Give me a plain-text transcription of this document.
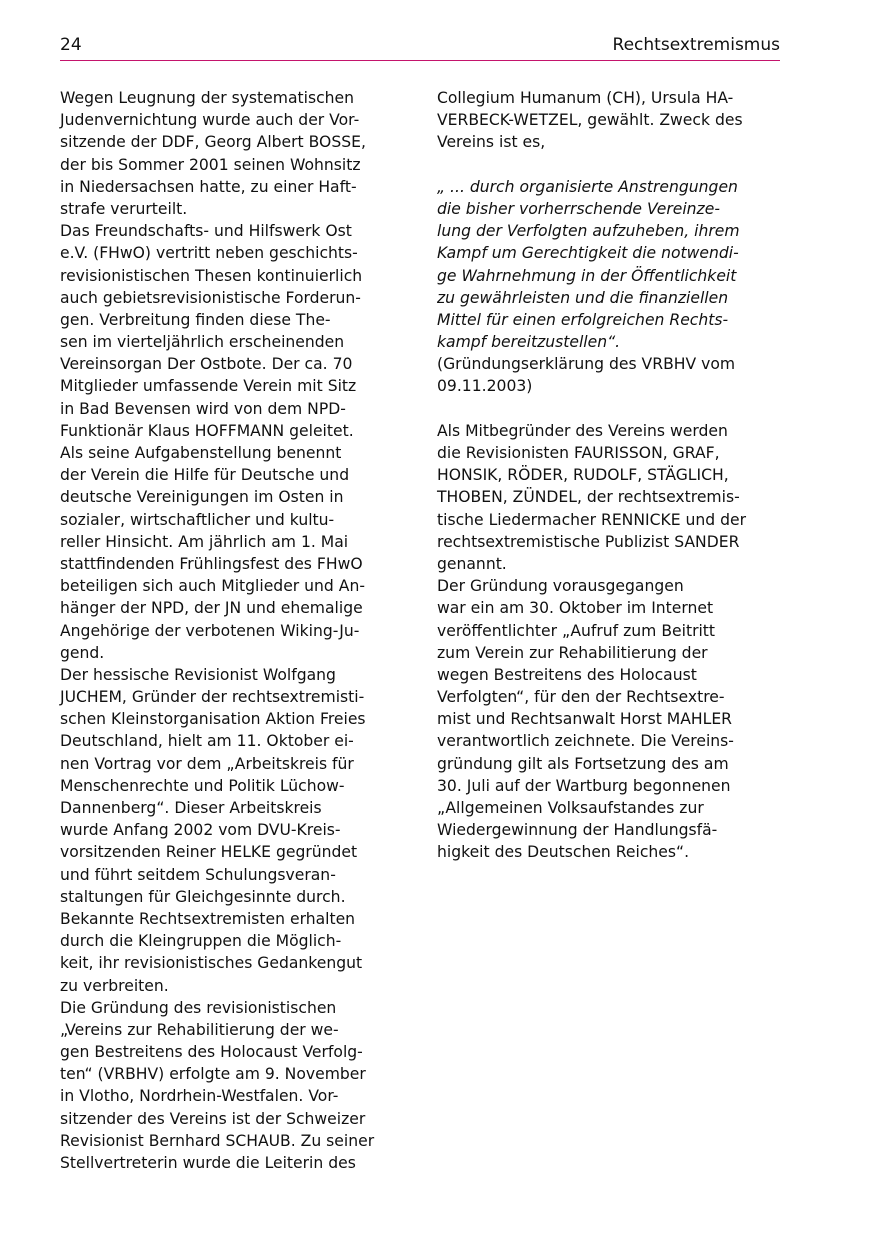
24	Rechtsextremismus
Wegen Leugnung der systematischen
Judenvernichtung wurde auch der Vor-
sitzende der DDF, Georg Albert BOSSE,
der bis Sommer 2001 seinen Wohnsitz
in Niedersachsen hatte, zu einer Haft-
strafe verurteilt.
Das Freundschafts- und Hilfswerk Ost
e.V. (FHwO) vertritt neben geschichts-
revisionistischen Thesen kontinuierlich
auch gebietsrevisionistische Forderun-
gen. Verbreitung finden diese The-
sen im vierteljährlich erscheinenden
Vereinsorgan Der Ostbote. Der ca. 70
Mitglieder umfassende Verein mit Sitz
in Bad Bevensen wird von dem NPD-
Funktionär Klaus HOFFMANN geleitet.
Als seine Aufgabenstellung benennt
der Verein die Hilfe für Deutsche und
deutsche Vereinigungen im Osten in
sozialer, wirtschaftlicher und kultu-
reller Hinsicht. Am jährlich am 1. Mai
stattfindenden Frühlingsfest des FHwO
beteiligen sich auch Mitglieder und An-
hänger der NPD, der JN und ehemalige
Angehörige der verbotenen Wiking-Ju-
gend.
Der hessische Revisionist Wolfgang
JUCHEM, Gründer der rechtsextremisti-
schen Kleinstorganisation Aktion Freies
Deutschland, hielt am 11. Oktober ei-
nen Vortrag vor dem „Arbeitskreis für
Menschenrechte und Politik Lüchow-
Dannenberg“. Dieser Arbeitskreis
wurde Anfang 2002 vom DVU-Kreis-
vorsitzenden Reiner HELKE gegründet
und führt seitdem Schulungsveran-
staltungen für Gleichgesinnte durch.
Bekannte Rechtsextremisten erhalten
durch die Kleingruppen die Möglich-
keit, ihr revisionistisches Gedankengut
zu verbreiten.
Die Gründung des revisionistischen
„Vereins zur Rehabilitierung der we-
gen Bestreitens des Holocaust Verfolg-
ten“ (VRBHV) erfolgte am 9. November
in Vlotho, Nordrhein-Westfalen. Vor-
sitzender des Vereins ist der Schweizer
Revisionist Bernhard SCHAUB. Zu seiner
Stellvertreterin wurde die Leiterin des
Collegium Humanum (CH), Ursula HA-
VERBECK-WETZEL, gewählt. Zweck des
Vereins ist es,
„ ... durch organisierte Anstrengungen
die bisher vorherrschende Vereinze-
lung der Verfolgten aufzuheben, ihrem
Kampf um Gerechtigkeit die notwendi-
ge Wahrnehmung in der Öffentlichkeit
zu gewährleisten und die finanziellen
Mittel für einen erfolgreichen Rechts-
kampf bereitzustellen“.
(Gründungserklärung des VRBHV vom
09.11.2003)
Als Mitbegründer des Vereins werden
die Revisionisten FAURISSON, GRAF,
HONSIK, RÖDER, RUDOLF, STÄGLICH,
THOBEN, ZÜNDEL, der rechtsextremis-
tische Liedermacher RENNICKE und der
rechtsextremistische Publizist SANDER
genannt.
Der Gründung vorausgegangen
war ein am 30. Oktober im Internet
veröffentlichter „Aufruf zum Beitritt
zum Verein zur Rehabilitierung der
wegen Bestreitens des Holocaust
Verfolgten“, für den der Rechtsextre-
mist und Rechtsanwalt Horst MAHLER
verantwortlich zeichnete. Die Vereins-
gründung gilt als Fortsetzung des am
30. Juli auf der Wartburg begonnenen
„Allgemeinen Volksaufstandes zur
Wiedergewinnung der Handlungsfä-
higkeit des Deutschen Reiches“.
